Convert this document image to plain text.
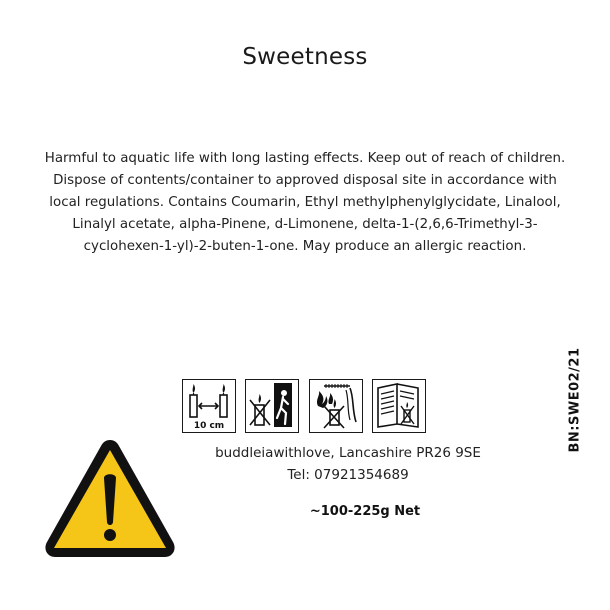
Sweetness
Harmful to aquatic life with long lasting effects. Keep out of reach of children. Dispose of contents/container to approved disposal site in accordance with local regulations. Contains Coumarin, Ethyl methylphenylglycidate, Linalool, Linalyl acetate, alpha-Pinene, d-Limonene, delta-1-(2,6,6-Trimethyl-3-cyclohexen-1-yl)-2-buten-1-one. May produce an allergic reaction.
10 cm
buddleiawithlove, Lancashire PR26 9SE
Tel: 07921354689
~100-225g Net
BN:SWE02/21
